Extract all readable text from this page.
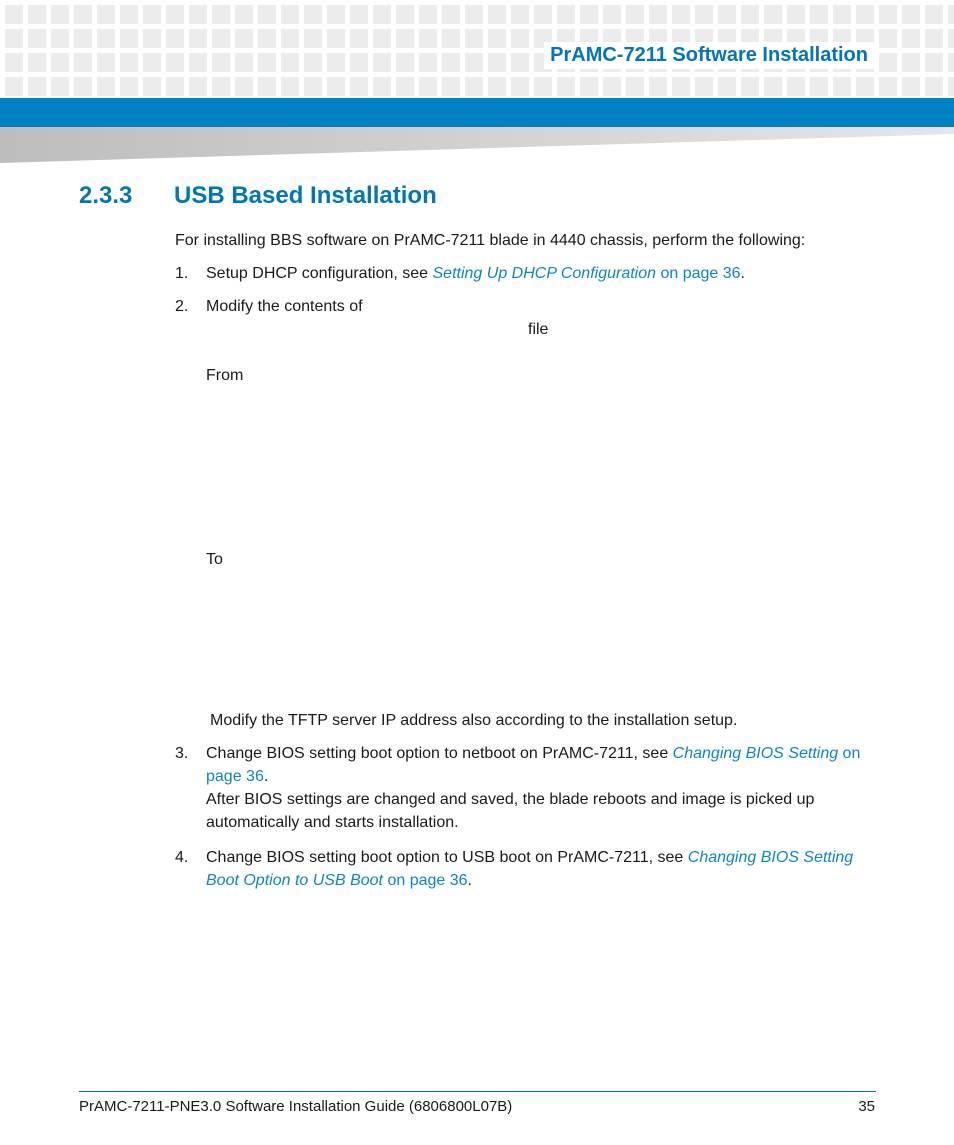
PrAMC-7211 Software Installation
2.3.3 USB Based Installation
For installing BBS software on PrAMC-7211 blade in 4440 chassis, perform the following:
1. Setup DHCP configuration, see Setting Up DHCP Configuration on page 36.
2. Modify the contents of
file
From
To
Modify the TFTP server IP address also according to the installation setup.
3. Change BIOS setting boot option to netboot on PrAMC-7211, see Changing BIOS Setting on
page 36.
After BIOS settings are changed and saved, the blade reboots and image is picked up
automatically and starts installation.
4. Change BIOS setting boot option to USB boot on PrAMC-7211, see Changing BIOS Setting
Boot Option to USB Boot on page 36.
PrAMC-7211-PNE3.0 Software Installation Guide (6806800L07B)	35
